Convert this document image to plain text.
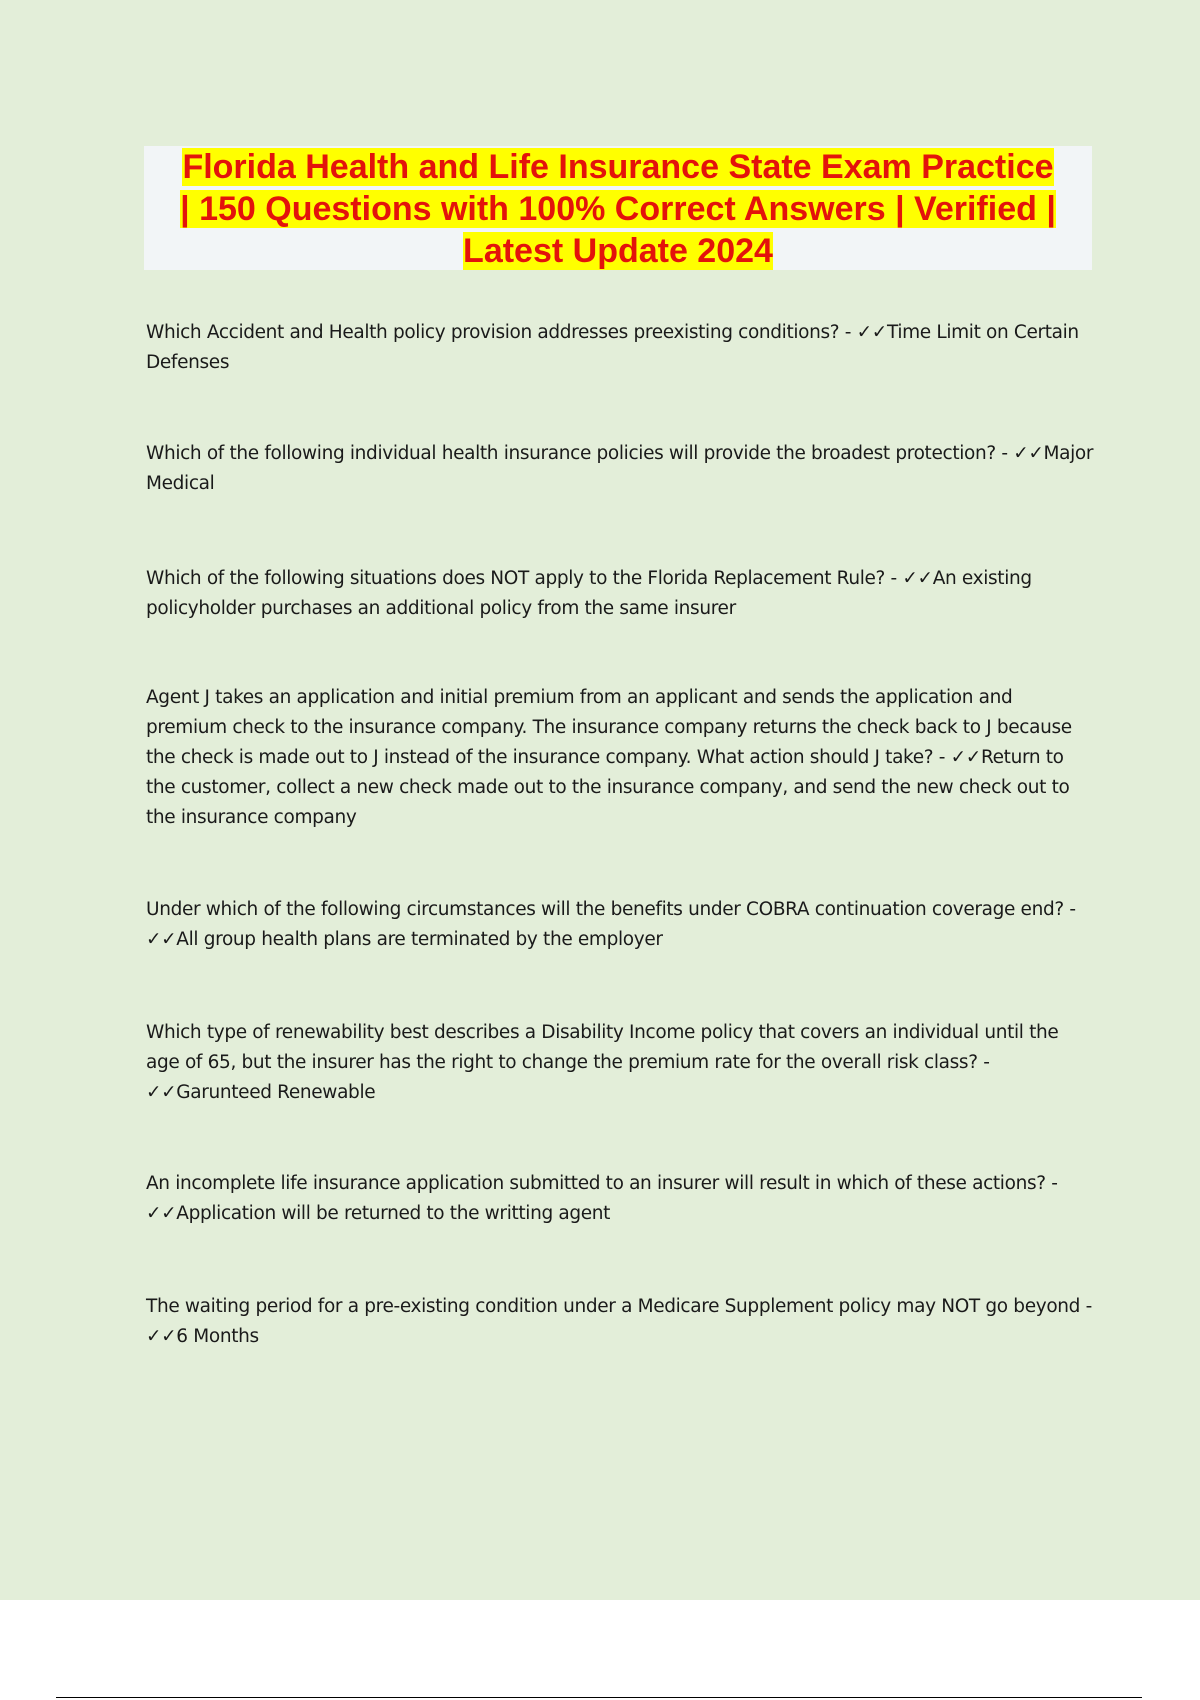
Florida Health and Life Insurance State Exam Practice
| 150 Questions with 100% Correct Answers | Verified |
Latest Update 2024

Which Accident and Health policy provision addresses preexisting conditions? - ✓✓Time Limit on Certain Defenses
Which of the following individual health insurance policies will provide the broadest protection? - ✓✓Major Medical
Which of the following situations does NOT apply to the Florida Replacement Rule? - ✓✓An existing policyholder purchases an additional policy from the same insurer
Agent J takes an application and initial premium from an applicant and sends the application and premium check to the insurance company. The insurance company returns the check back to J because the check is made out to J instead of the insurance company. What action should J take? - ✓✓Return to the customer, collect a new check made out to the insurance company, and send the new check out to the insurance company
Under which of the following circumstances will the benefits under COBRA continuation coverage end? - ✓✓All group health plans are terminated by the employer
Which type of renewability best describes a Disability Income policy that covers an individual until the age of 65, but the insurer has the right to change the premium rate for the overall risk class? - ✓✓Garunteed Renewable
An incomplete life insurance application submitted to an insurer will result in which of these actions? - ✓✓Application will be returned to the writting agent
The waiting period for a pre-existing condition under a Medicare Supplement policy may NOT go beyond - ✓✓6 Months
